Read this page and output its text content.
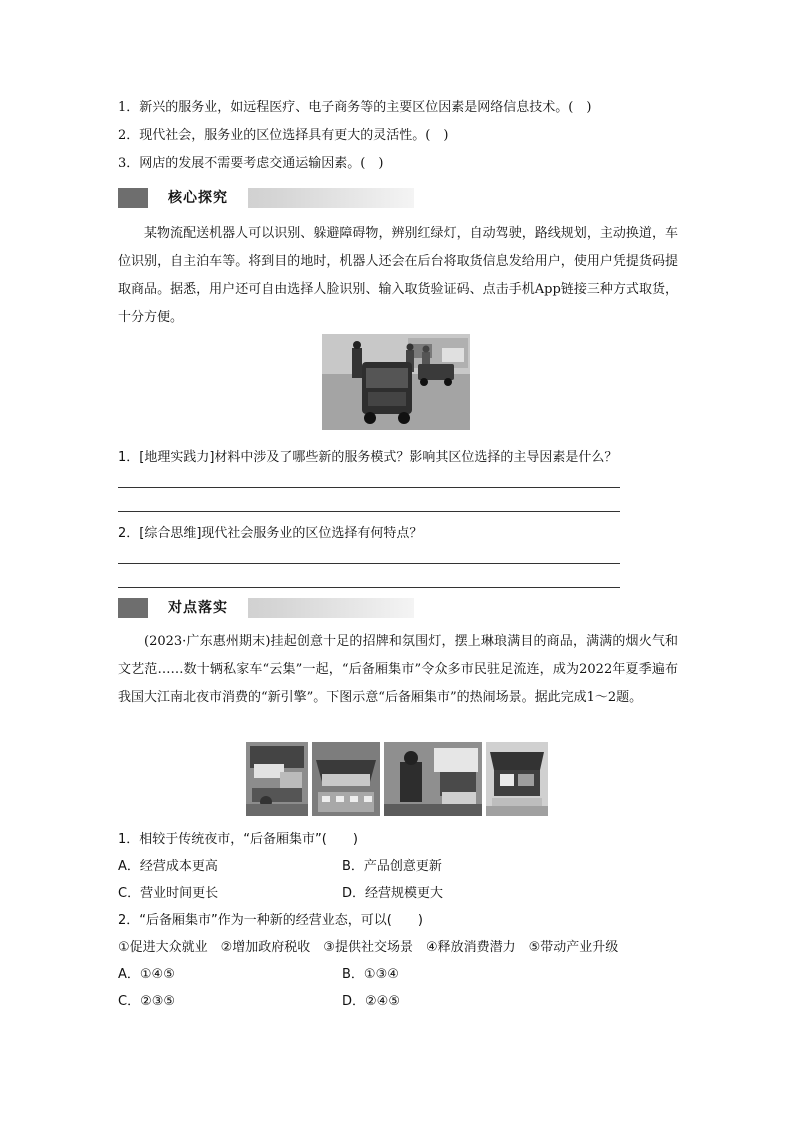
1．新兴的服务业，如远程医疗、电子商务等的主要区位因素是网络信息技术。(　)
2．现代社会，服务业的区位选择具有更大的灵活性。(　)
3．网店的发展不需要考虑交通运输因素。(　)
核心探究
某物流配送机器人可以识别、躲避障碍物，辨别红绿灯，自动驾驶，路线规划，主动换道，车位识别，自主泊车等。将到目的地时，机器人还会在后台将取货信息发给用户，使用户凭提货码提取商品。据悉，用户还可自由选择人脸识别、输入取货验证码、点击手机App链接三种方式取货，十分方便。
1．[地理实践力]材料中涉及了哪些新的服务模式？影响其区位选择的主导因素是什么？
2．[综合思维]现代社会服务业的区位选择有何特点？
对点落实
(2023·广东惠州期末)挂起创意十足的招牌和氛围灯，摆上琳琅满目的商品，满满的烟火气和文艺范……数十辆私家车“云集”一起，“后备厢集市”令众多市民驻足流连，成为2022年夏季遍布我国大江南北夜市消费的“新引擎”。下图示意“后备厢集市”的热闹场景。据此完成1～2题。
1．相较于传统夜市，“后备厢集市”(　　)
A．经营成本更高	B．产品创意更新
C．营业时间更长	D．经营规模更大
2．“后备厢集市”作为一种新的经营业态，可以(　　)
①促进大众就业　②增加政府税收　③提供社交场景　④释放消费潜力　⑤带动产业升级
A．①④⑤	B．①③④
C．②③⑤	D．②④⑤
